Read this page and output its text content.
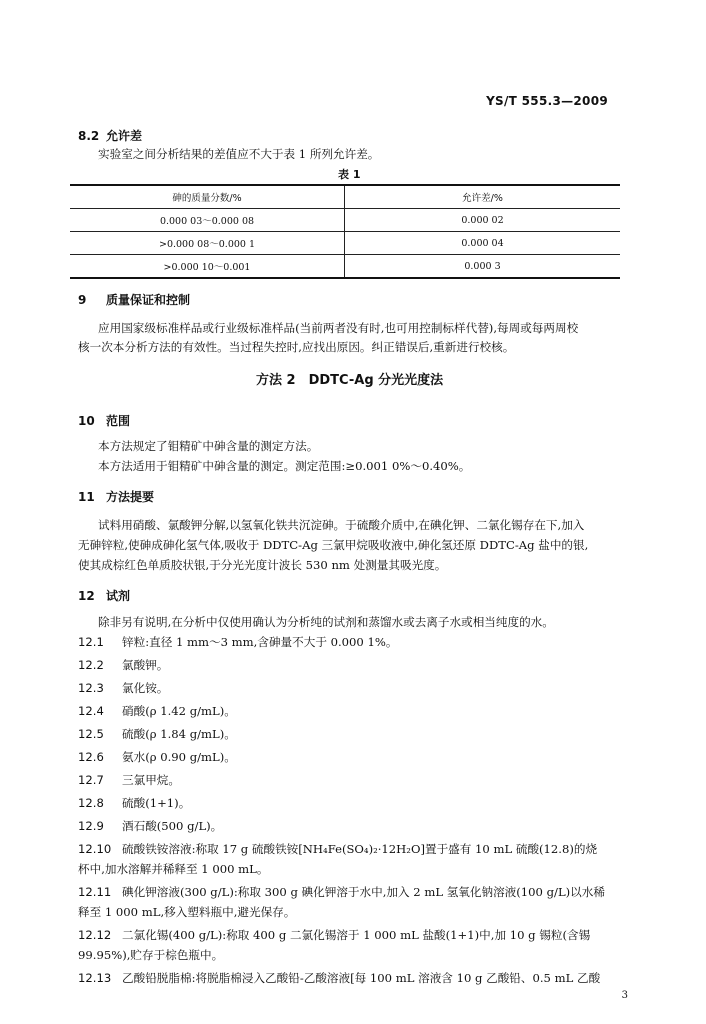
YS/T 555.3—2009
8.2 允许差
实验室之间分析结果的差值应不大于表 1 所列允许差。
表 1
砷的质量分数/%	允许差/%
0.000 03～0.000 08	0.000 02
>0.000 08～0.000 1	0.000 04
>0.000 10～0.001	0.000 3
9 质量保证和控制
应用国家级标准样品或行业级标准样品(当前两者没有时,也可用控制标样代替),每周或每两周校
核一次本分析方法的有效性。当过程失控时,应找出原因。纠正错误后,重新进行校核。
方法 2　DDTC-Ag 分光光度法
10 范围
本方法规定了钼精矿中砷含量的测定方法。
本方法适用于钼精矿中砷含量的测定。测定范围:≥0.001 0%～0.40%。
11 方法提要
试料用硝酸、氯酸钾分解,以氢氧化铁共沉淀砷。于硫酸介质中,在碘化钾、二氯化锡存在下,加入
无砷锌粒,使砷成砷化氢气体,吸收于 DDTC-Ag 三氯甲烷吸收液中,砷化氢还原 DDTC-Ag 盐中的银,
使其成棕红色单质胶状银,于分光光度计波长 530 nm 处测量其吸光度。
12 试剂
除非另有说明,在分析中仅使用确认为分析纯的试剂和蒸馏水或去离子水或相当纯度的水。
12.1 锌粒:直径 1 mm～3 mm,含砷量不大于 0.000 1%。
12.2 氯酸钾。
12.3 氯化铵。
12.4 硝酸(ρ 1.42 g/mL)。
12.5 硫酸(ρ 1.84 g/mL)。
12.6 氨水(ρ 0.90 g/mL)。
12.7 三氯甲烷。
12.8 硫酸(1+1)。
12.9 酒石酸(500 g/L)。
12.10 硫酸铁铵溶液:称取 17 g 硫酸铁铵[NH₄Fe(SO₄)₂·12H₂O]置于盛有 10 mL 硫酸(12.8)的烧
杯中,加水溶解并稀释至 1 000 mL。
12.11 碘化钾溶液(300 g/L):称取 300 g 碘化钾溶于水中,加入 2 mL 氢氧化钠溶液(100 g/L)以水稀
释至 1 000 mL,移入塑料瓶中,避光保存。
12.12 二氯化锡(400 g/L):称取 400 g 二氯化锡溶于 1 000 mL 盐酸(1+1)中,加 10 g 锡粒(含锡
99.95%),贮存于棕色瓶中。
12.13 乙酸铅脱脂棉:将脱脂棉浸入乙酸铅-乙酸溶液[每 100 mL 溶液含 10 g 乙酸铅、0.5 mL 乙酸
3
